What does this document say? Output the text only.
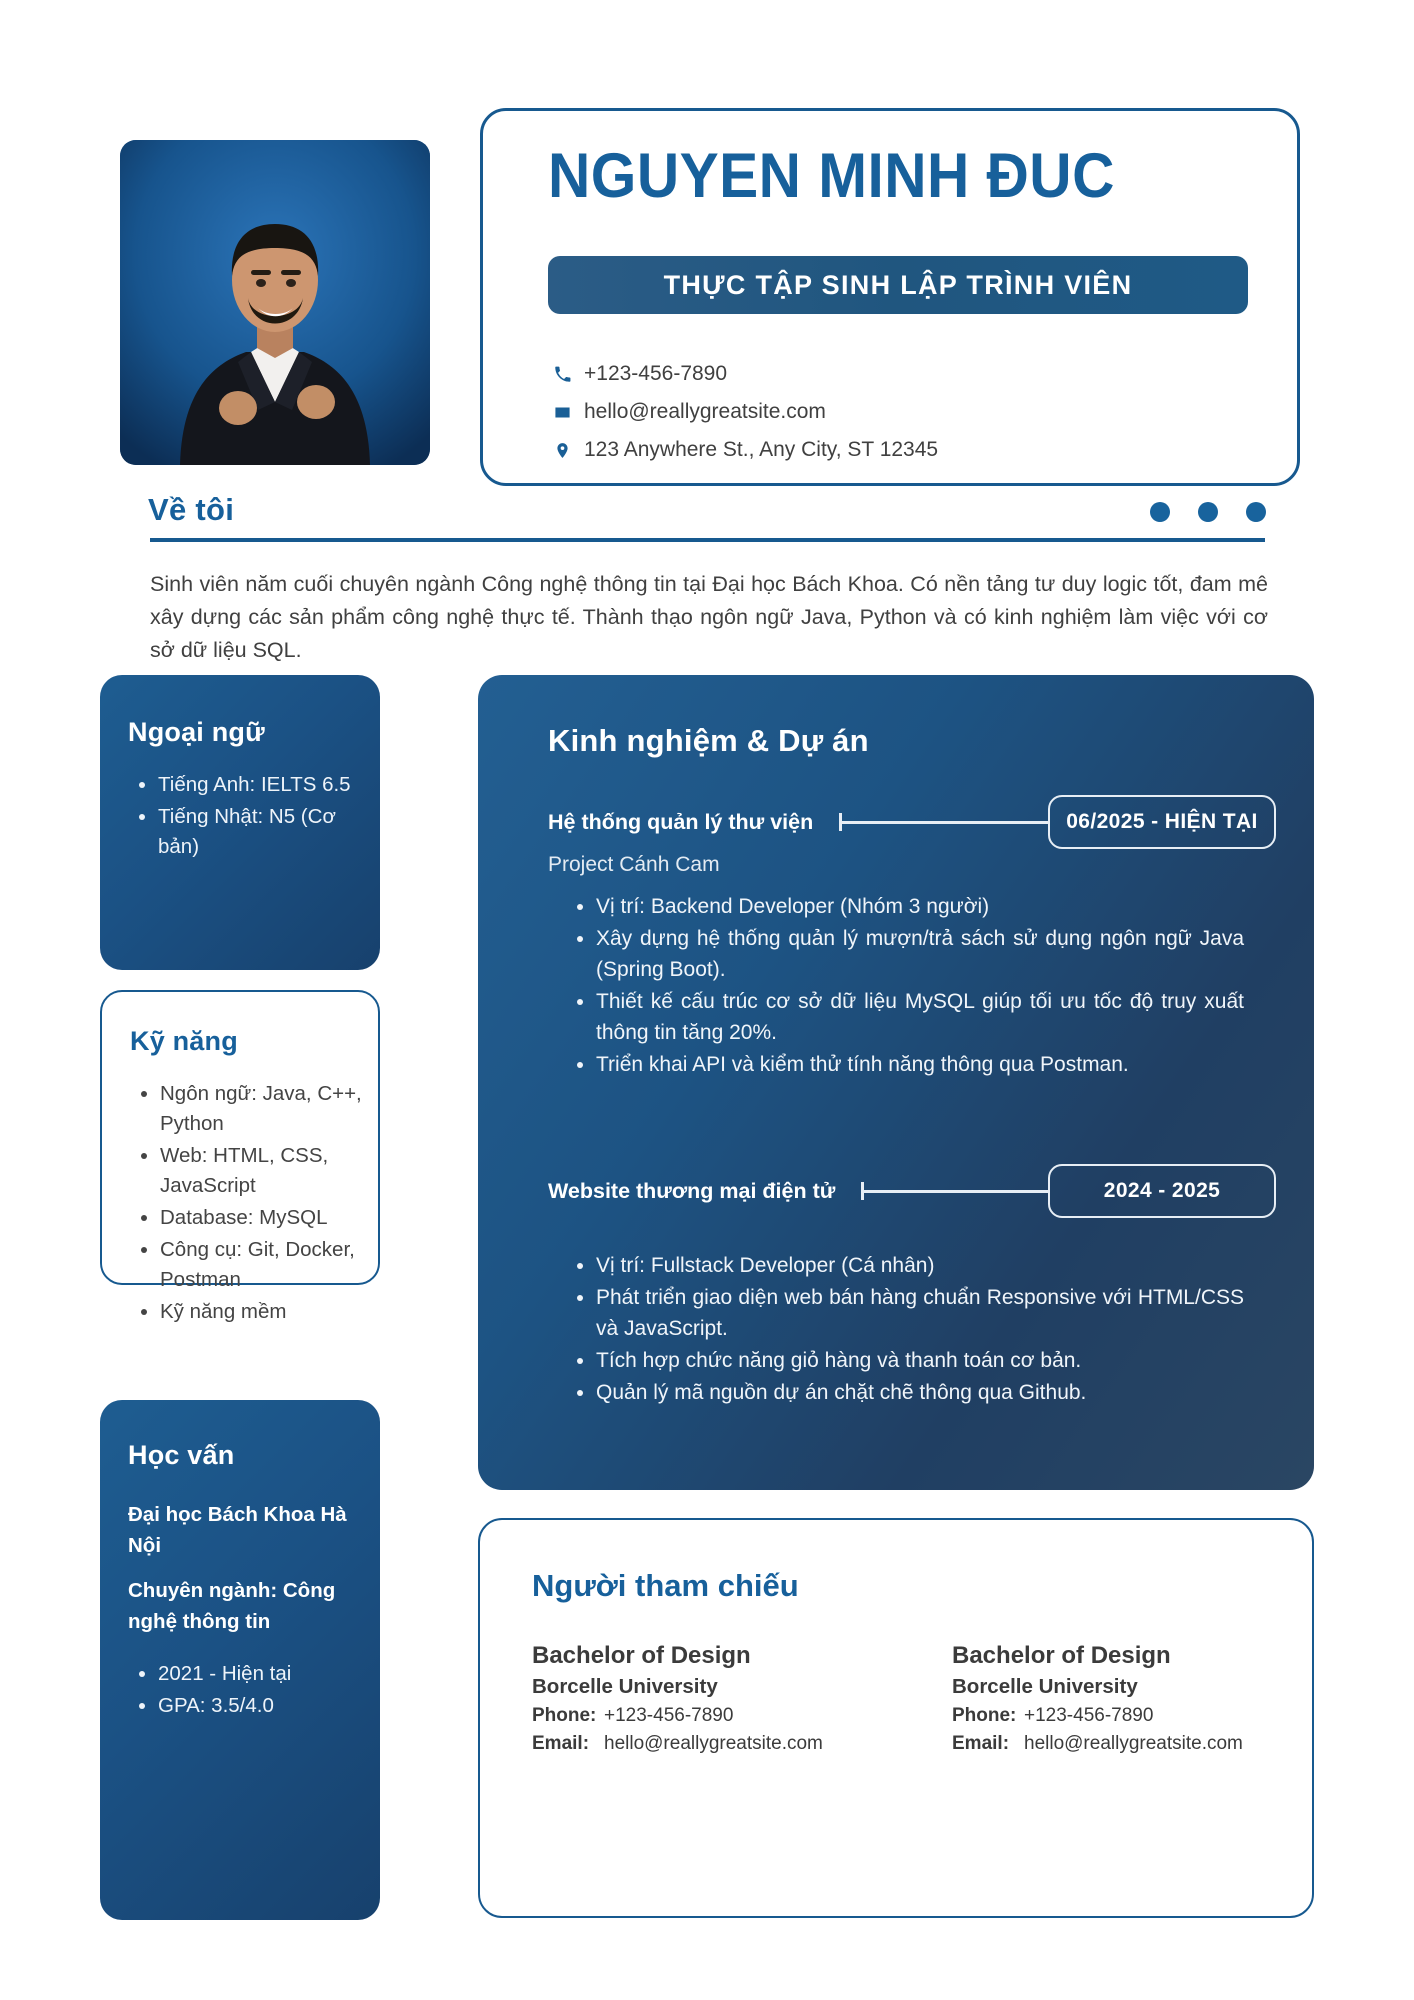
NGUYEN MINH ĐUC
THỰC TẬP SINH LẬP TRÌNH VIÊN
+123-456-7890
hello@reallygreatsite.com
123 Anywhere St., Any City, ST 12345
Về tôi
Sinh viên năm cuối chuyên ngành Công nghệ thông tin tại Đại học Bách Khoa. Có nền tảng tư duy logic tốt, đam mê xây dựng các sản phẩm công nghệ thực tế. Thành thạo ngôn ngữ Java, Python và có kinh nghiệm làm việc với cơ sở dữ liệu SQL.
Ngoại ngữ
• Tiếng Anh: IELTS 6.5
• Tiếng Nhật: N5 (Cơ bản)
Kỹ năng
• Ngôn ngữ: Java, C++, Python
• Web: HTML, CSS, JavaScript
• Database: MySQL
• Công cụ: Git, Docker, Postman
• Kỹ năng mềm
Học vấn
Đại học Bách Khoa Hà Nội
Chuyên ngành: Công nghệ thông tin
• 2021 - Hiện tại
• GPA: 3.5/4.0
Kinh nghiệm & Dự án
Hệ thống quản lý thư viện	06/2025 - HIỆN TẠI
Project Cánh Cam
• Vị trí: Backend Developer (Nhóm 3 người)
• Xây dựng hệ thống quản lý mượn/trả sách sử dụng ngôn ngữ Java (Spring Boot).
• Thiết kế cấu trúc cơ sở dữ liệu MySQL giúp tối ưu tốc độ truy xuất thông tin tăng 20%.
• Triển khai API và kiểm thử tính năng thông qua Postman.
Website thương mại điện tử	2024 - 2025
• Vị trí: Fullstack Developer (Cá nhân)
• Phát triển giao diện web bán hàng chuẩn Responsive với HTML/CSS và JavaScript.
• Tích hợp chức năng giỏ hàng và thanh toán cơ bản.
• Quản lý mã nguồn dự án chặt chẽ thông qua Github.
Người tham chiếu
Bachelor of Design
Borcelle University
Phone: +123-456-7890
Email: hello@reallygreatsite.com
Bachelor of Design
Borcelle University
Phone: +123-456-7890
Email: hello@reallygreatsite.com
